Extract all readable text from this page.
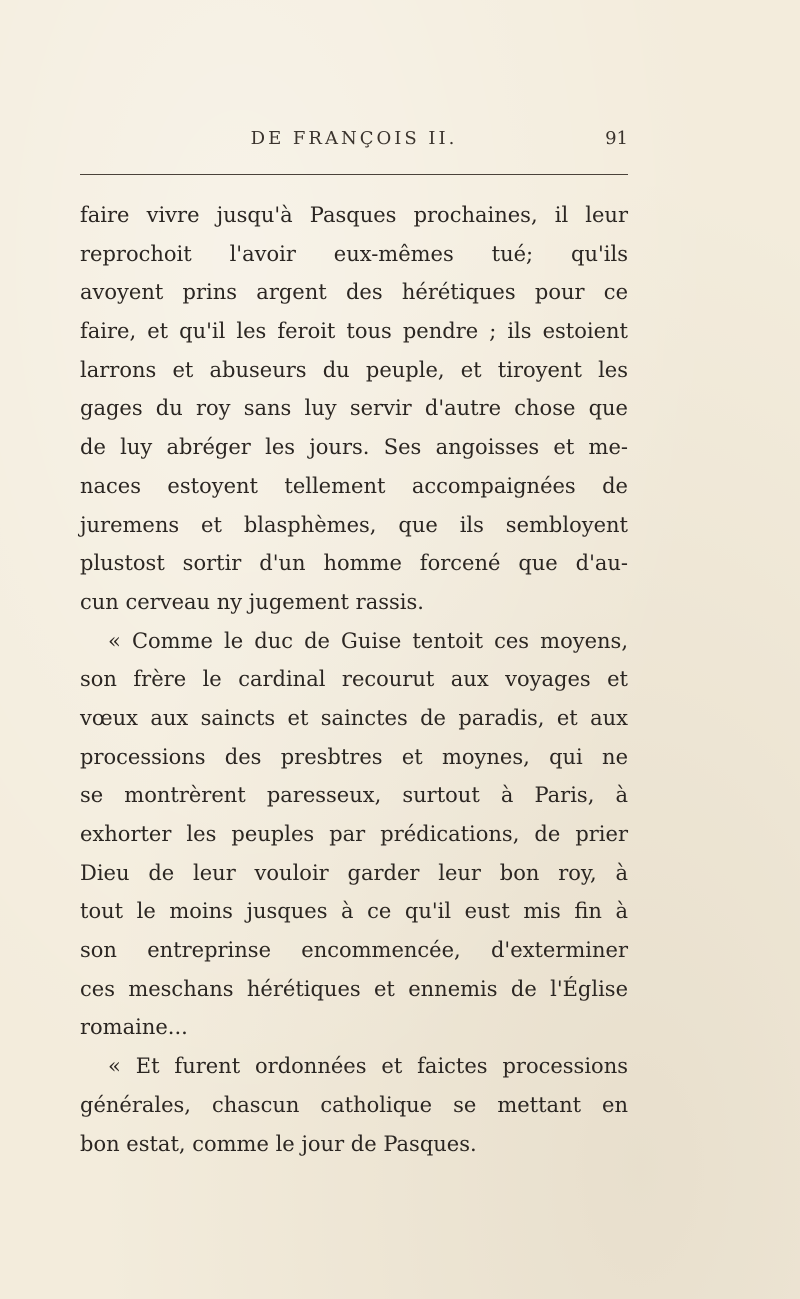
DE FRANÇOIS II.	91
faire vivre jusqu'à Pasques prochaines, il leur
reprochoit l'avoir eux-mêmes tué; qu'ils
avoyent prins argent des hérétiques pour ce
faire, et qu'il les feroit tous pendre ; ils estoient
larrons et abuseurs du peuple, et tiroyent les
gages du roy sans luy servir d'autre chose que
de luy abréger les jours. Ses angoisses et me-
naces estoyent tellement accompaignées de
juremens et blasphèmes, que ils sembloyent
plustost sortir d'un homme forcené que d'au-
cun cerveau ny jugement rassis.
« Comme le duc de Guise tentoit ces moyens,
son frère le cardinal recourut aux voyages et
vœux aux saincts et sainctes de paradis, et aux
processions des presbtres et moynes, qui ne
se montrèrent paresseux, surtout à Paris, à
exhorter les peuples par prédications, de prier
Dieu de leur vouloir garder leur bon roy, à
tout le moins jusques à ce qu'il eust mis fin à
son entreprinse encommencée, d'exterminer
ces meschans hérétiques et ennemis de l'Église
romaine...
« Et furent ordonnées et faictes processions
générales, chascun catholique se mettant en
bon estat, comme le jour de Pasques.
